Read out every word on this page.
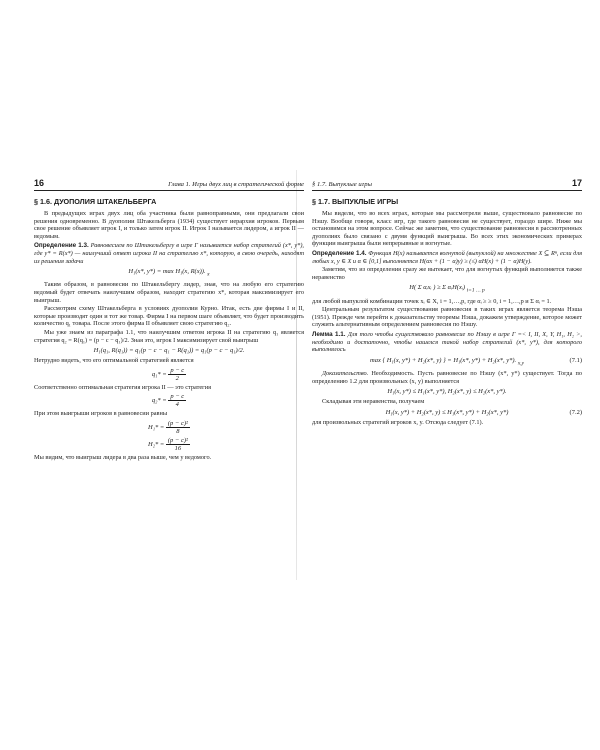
16	Глава 1. Игры двух лиц в стратегической форме
§ 1.6. ДУОПОЛИЯ ШТАКЕЛЬБЕРГА

В предыдущих играх двух лиц оба участника были равноправными, они предлагали свои решения одновременно. В дуополии Штакельберга (1934) существует иерархия игроков. Первым свое решение объявляет игрок I, и только затем игрок II. Игрок I называется лидером, а игрок II — ведомым.

Определение 1.3. Равновесием по Штакельбергу в игре Γ называется набор стратегий (x*, y*), где y* = R(x*) — наилучший ответ игрока II на стратегию x*, которую, в свою очередь, находят из решения задачи

H₁(x*, y*) = max H₁(x, R(x)). $_x$

Таким образом, в равновесии по Штакельбергу лидер, зная, что на любую его стратегию ведомый будет отвечать наилучшим образом, находит стратегию x*, которая максимизирует его выигрыш.

Рассмотрим схему Штакельберга в условиях дуополии Курно. Итак, есть две фирмы I и II, которые производят один и тот же товар. Фирма I на первом шаге объявляет, что будет производить количество q₁ товара. После этого фирма II объявляет свою стратегию q₂.

Мы уже знаем из параграфа 1.1, что наилучшим ответом игрока II на стратегию q₁ является стратегия q₂ = R(q₁) = (p − c − q₁)/2. Зная это, игрок I максимизирует свой выигрыш

H₁(q₁, R(q₁)) = q₁(p − c − q₁ − R(q₁)) = q₁(p − c − q₁)/2.

Нетрудно видеть, что его оптимальной стратегией является

$q_1* = \frac{p - c}{2}$

Соответственно оптимальная стратегия игрока II — это стратегия

$q_2* = \frac{p - c}{4}$

При этом выигрыши игроков в равновесии равны

$H_1* = \frac{\text{(p − c)²}}{8}$
$H_2* = \frac{\text{(p − c)²}}{16}$

Мы видим, что выигрыш лидера в два раза выше, чем у ведомого.

§ 1.7. Выпуклые игры	17
§ 1.7. ВЫПУКЛЫЕ ИГРЫ

Мы видели, что во всех играх, которые мы рассмотрели выше, существовало равновесие по Нэшу. Вообще говоря, класс игр, где такого равновесия не существует, гораздо шире. Ниже мы остановимся на этом вопросе. Сейчас же заметим, что существование равновесия в рассмотренных дуополиях было связано с двумя функций выигрыша. Во всех этих экономических примерах функции выигрыша были непрерывные и вогнутые.

Определение 1.4. Функция H(x) называется вогнутой (выпуклой) на множестве X ⊆ Rⁿ, если для любых x, y ∈ X и α ∈ [0,1] выполняется H(αx + (1 − α)y) ≥ (≤) αH(x) + (1 − α)H(y).

Заметим, что из определения сразу же вытекает, что для вогнутых функций выполняется также неравенство

H( Σ αᵢxᵢ ) ≥ Σ αᵢH(xᵢ) $_{i=1 \dots p}$

для любой выпуклой комбинации точек xᵢ ∈ X, i = 1,…,p, где αᵢ ≥ ≥ 0, i = 1,…,p и Σ αᵢ = 1.

Центральным результатом существования равновесия в таких играх является теорема Нэша (1951). Прежде чем перейти к доказательству теоремы Нэша, докажем утверждение, которое может служить альтернативным определением равновесия по Нэшу.

Лемма 1.1. Для того чтобы существовало равновесие по Нэшу в игре Γ =< I, II, X, Y, H₁, H₂ >, необходимо и достаточно, чтобы нашелся такой набор стратегий (x*, y*), для которого выполнялось

max { H₁(x, y*) + H₂(x*, y) } = H₁(x*, y*) + H₂(x*, y*). $_{x,y}$	(7.1)

Доказательство. Необходимость. Пусть равновесие по Нэшу (x*, y*) существует. Тогда по определению 1.2 для произвольных (x, y) выполняется

H₁(x, y*) ≤ H₁(x*, y*), H₂(x*, y) ≤ H₂(x*, y*).

Складывая эти неравенства, получаем

H₁(x, y*) + H₂(x*, y) ≤ H₁(x*, y*) + H₂(x*, y*)	(7.2)

для произвольных стратегий игроков x, y. Отсюда следует (7.1).
